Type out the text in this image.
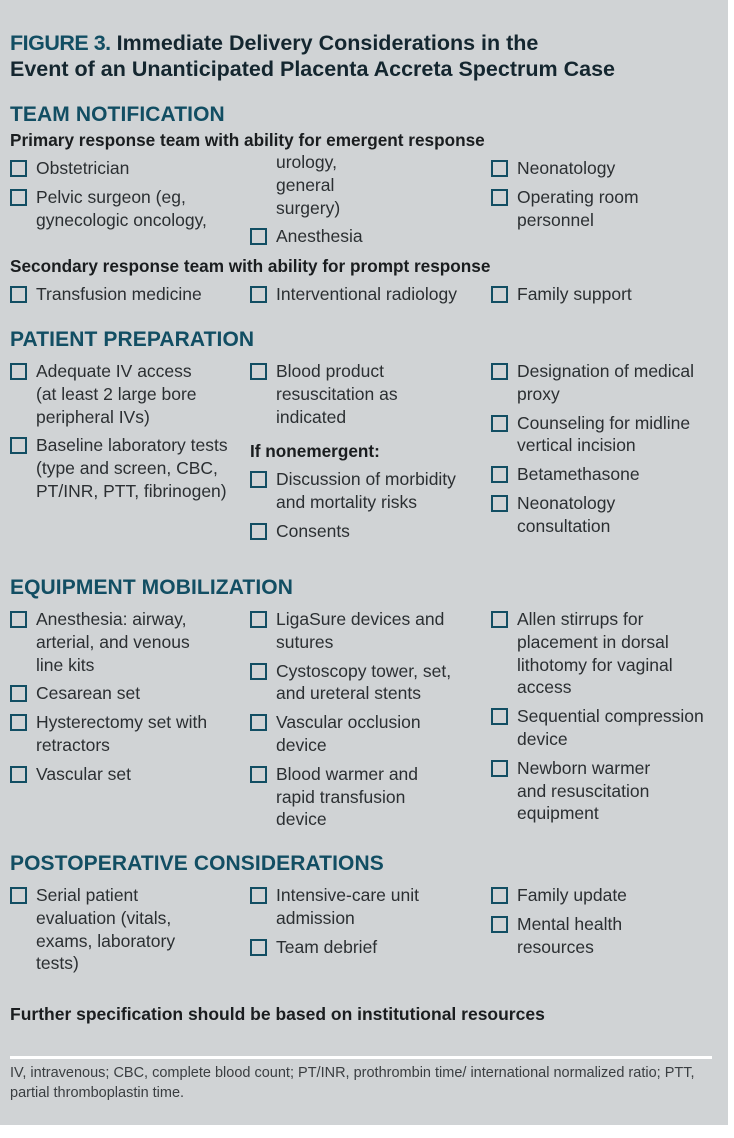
FIGURE 3. Immediate Delivery Considerations in the
Event of an Unanticipated Placenta Accreta Spectrum Case
TEAM NOTIFICATION
Primary response team with ability for emergent response
Obstetrician
Pelvic surgeon (eg, gynecologic oncology,
urology, general surgery)
Anesthesia
Neonatology
Operating room personnel
Secondary response team with ability for prompt response
Transfusion medicine	Interventional radiology	Family support
PATIENT PREPARATION
Adequate IV access (at least 2 large bore peripheral IVs)
Baseline laboratory tests (type and screen, CBC, PT/INR, PTT, fibrinogen)
Blood product resuscitation as indicated
If nonemergent:
Discussion of morbidity and mortality risks
Consents
Designation of medical proxy
Counseling for midline vertical incision
Betamethasone
Neonatology consultation
EQUIPMENT MOBILIZATION
Anesthesia: airway, arterial, and venous line kits
Cesarean set
Hysterectomy set with retractors
Vascular set
LigaSure devices and sutures
Cystoscopy tower, set, and ureteral stents
Vascular occlusion device
Blood warmer and rapid transfusion device
Allen stirrups for placement in dorsal lithotomy for vaginal access
Sequential compression device
Newborn warmer and resuscitation equipment
POSTOPERATIVE CONSIDERATIONS
Serial patient evaluation (vitals, exams, laboratory tests)
Intensive-care unit admission
Team debrief
Family update
Mental health resources
Further specification should be based on institutional resources
IV, intravenous; CBC, complete blood count; PT/INR, prothrombin time/ international normalized ratio; PTT, partial thromboplastin time.
